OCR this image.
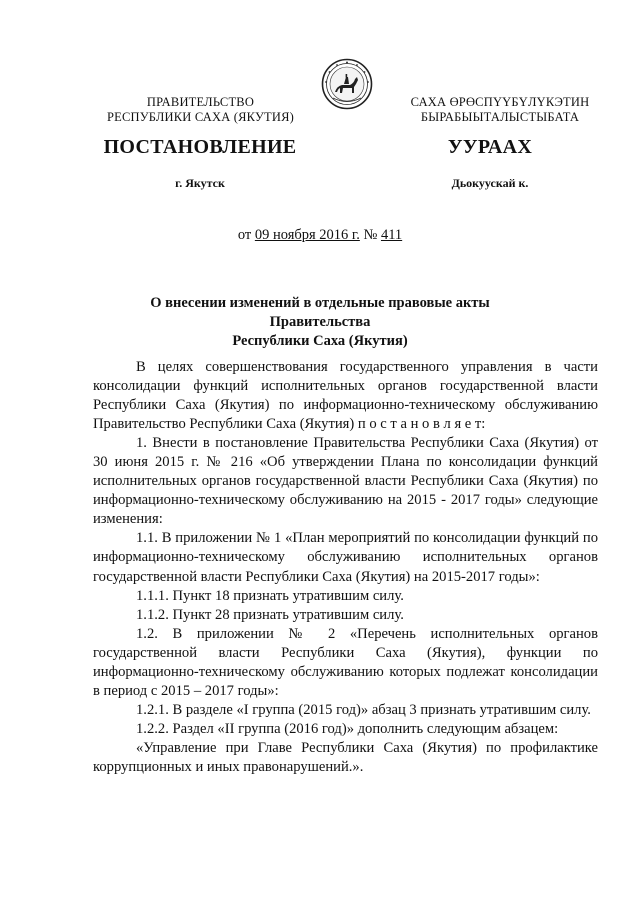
ПРАВИТЕЛЬСТВО
РЕСПУБЛИКИ САХА (ЯКУТИЯ)
САХА ӨРӨСПҮҮБҮЛҮКЭТИН
БЫРАБЫЫТАЛЫСТЫБАТА
ПОСТАНОВЛЕНИЕ	УУРААХ
г. Якутск	Дьокуускай к.
от 09 ноября 2016 г. № 411
О внесении изменений в отдельные правовые акты Правительства
Республики Саха (Якутия)

В целях совершенствования государственного управления в части консолидации функций исполнительных органов государственной власти Республики Саха (Якутия) по информационно-техническому обслуживанию Правительство Республики Саха (Якутия) п о с т а н о в л я е т:

1. Внести в постановление Правительства Республики Саха (Якутия) от 30 июня 2015 г. № 216 «Об утверждении Плана по консолидации функций исполнительных органов государственной власти Республики Саха (Якутия) по информационно-техническому обслуживанию на 2015 - 2017 годы» следующие изменения:

1.1. В приложении № 1 «План мероприятий по консолидации функций по информационно-техническому обслуживанию исполнительных органов государственной власти Республики Саха (Якутия) на 2015-2017 годы»:

1.1.1. Пункт 18 признать утратившим силу.

1.1.2. Пункт 28 признать утратившим силу.

1.2. В приложении № 2 «Перечень исполнительных органов государственной власти Республики Саха (Якутия), функции по информационно-техническому обслуживанию которых подлежат консолидации в период с 2015 – 2017 годы»:

1.2.1. В разделе «I группа (2015 год)» абзац 3 признать утратившим силу.

1.2.2. Раздел «II группа (2016 год)» дополнить следующим абзацем:

«Управление при Главе Республики Саха (Якутия) по профилактике коррупционных и иных правонарушений.».
